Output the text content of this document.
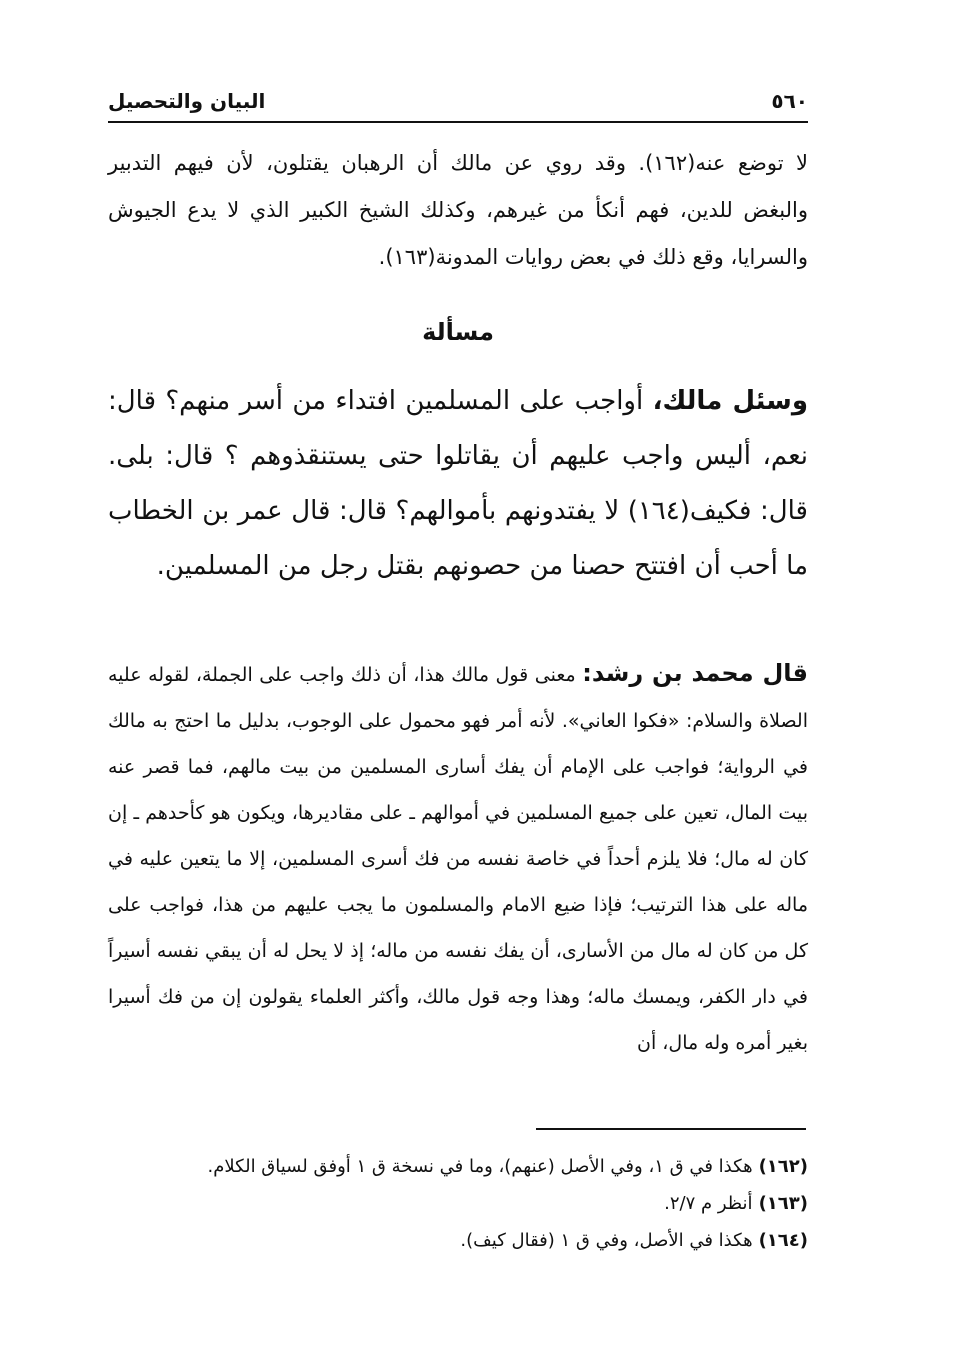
٥٦٠
البيان والتحصيل
لا توضع عنه(١٦٢). وقد روي عن مالك أن الرهبان يقتلون، لأن فيهم التدبير والبغض للدين، فهم أنكأ من غيرهم، وكذلك الشيخ الكبير الذي لا يدع الجيوش والسرايا، وقع ذلك في بعض روايات المدونة(١٦٣).
مسألة
وسئل مالك، أواجب على المسلمين افتداء من أسر منهم؟ قال: نعم، أليس واجب عليهم أن يقاتلوا حتى يستنقذوهم ؟ قال: بلى. قال: فكيف(١٦٤) لا يفتدونهم بأموالهم؟ قال: قال عمر بن الخطاب ما أحب أن افتتح حصنا من حصونهم بقتل رجل من المسلمين.
قال محمد بن رشد: معنى قول مالك هذا، أن ذلك واجب على الجملة، لقوله عليه الصلاة والسلام: «فكوا العاني». لأنه أمر فهو محمول على الوجوب، بدليل ما احتج به مالك في الرواية؛ فواجب على الإمام أن يفك أسارى المسلمين من بيت مالهم، فما قصر عنه بيت المال، تعين على جميع المسلمين في أموالهم ـ على مقاديرها، ويكون هو كأحدهم ـ إن كان له مال؛ فلا يلزم أحداً في خاصة نفسه من فك أسرى المسلمين، إلا ما يتعين عليه في ماله على هذا الترتيب؛ فإذا ضيع الامام والمسلمون ما يجب عليهم من هذا، فواجب على كل من كان له مال من الأسارى، أن يفك نفسه من ماله؛ إذ لا يحل له أن يبقي نفسه أسيراً في دار الكفر، ويمسك ماله؛ وهذا وجه قول مالك، وأكثر العلماء يقولون إن من فك أسيرا بغير أمره وله مال، أن
(١٦٢)هكذا في ق ١، وفي الأصل (عنهم)، وما في نسخة ق ١ أوفق لسياق الكلام.
(١٦٣)أنظر م ٢/٧.
(١٦٤)هكذا في الأصل، وفي ق ١ (فقال كيف).
